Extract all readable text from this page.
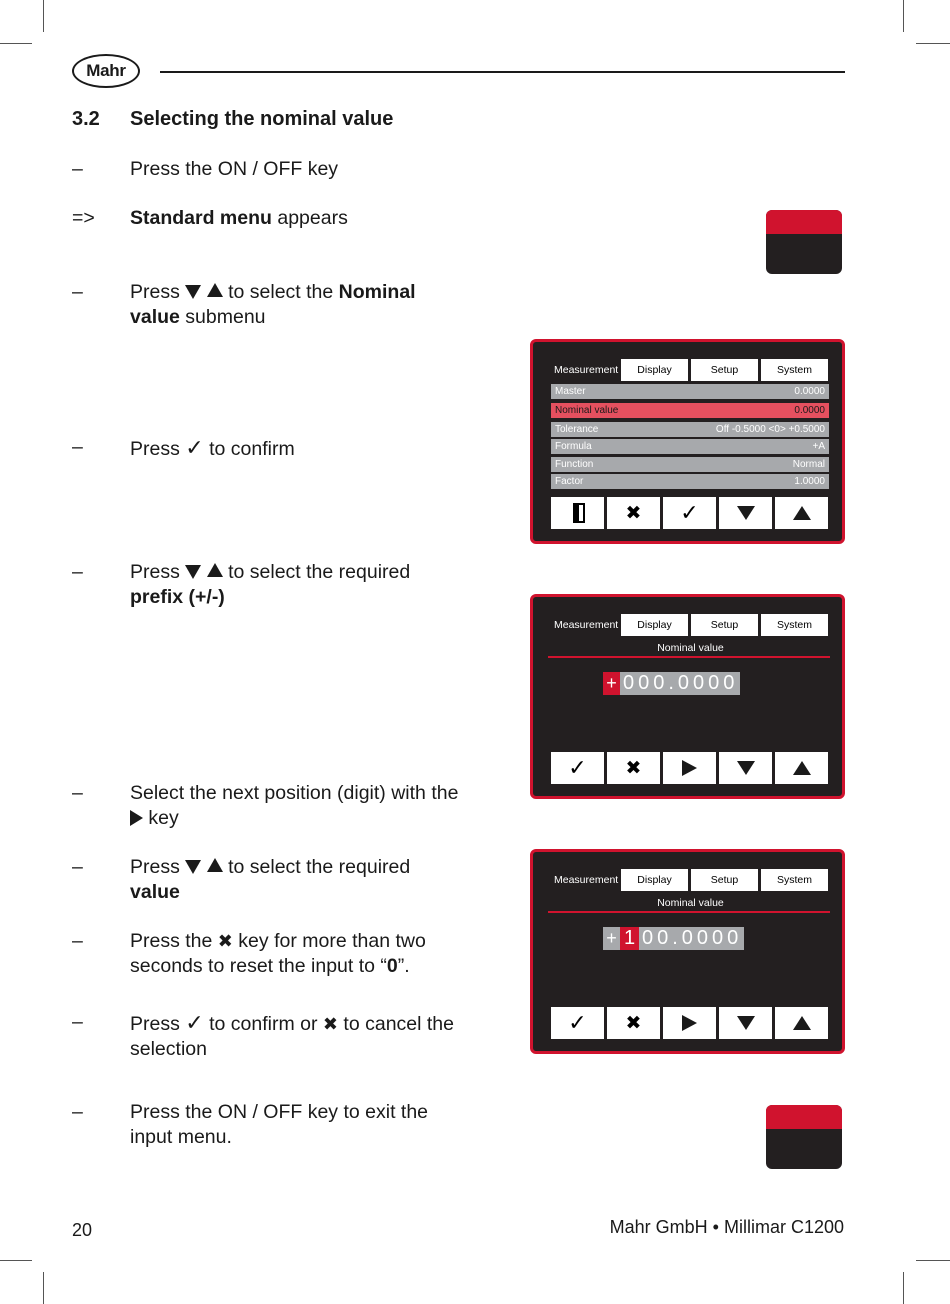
Mahr
3.2 Selecting the nominal value
–	Press the ON / OFF key
=>	Standard menu appears
–	Press   to select the Nominal value submenu
–	Press ✓ to confirm
–	Press   to select the required prefix (+/-)
–	Select the next position (digit) with the  key
–	Press   to select the required value
–	Press the ✖ key for more than two seconds to reset the input to “0”.
–	Press ✓ to confirm or ✖ to cancel the selection
–	Press the ON / OFF key to exit the input menu.
Measurement	Display	Setup	System
Master	0.0000
Nominal value	0.0000
Tolerance	Off -0.5000 <0> +0.5000
Formula	+A
Function	Normal
Factor	1.0000
✖ ✓
Measurement	Display	Setup	System
Nominal value
+ 000.0000
✓ ✖
Measurement	Display	Setup	System
Nominal value
+ 1 00.0000
✓ ✖
20	Mahr GmbH • Millimar C1200
